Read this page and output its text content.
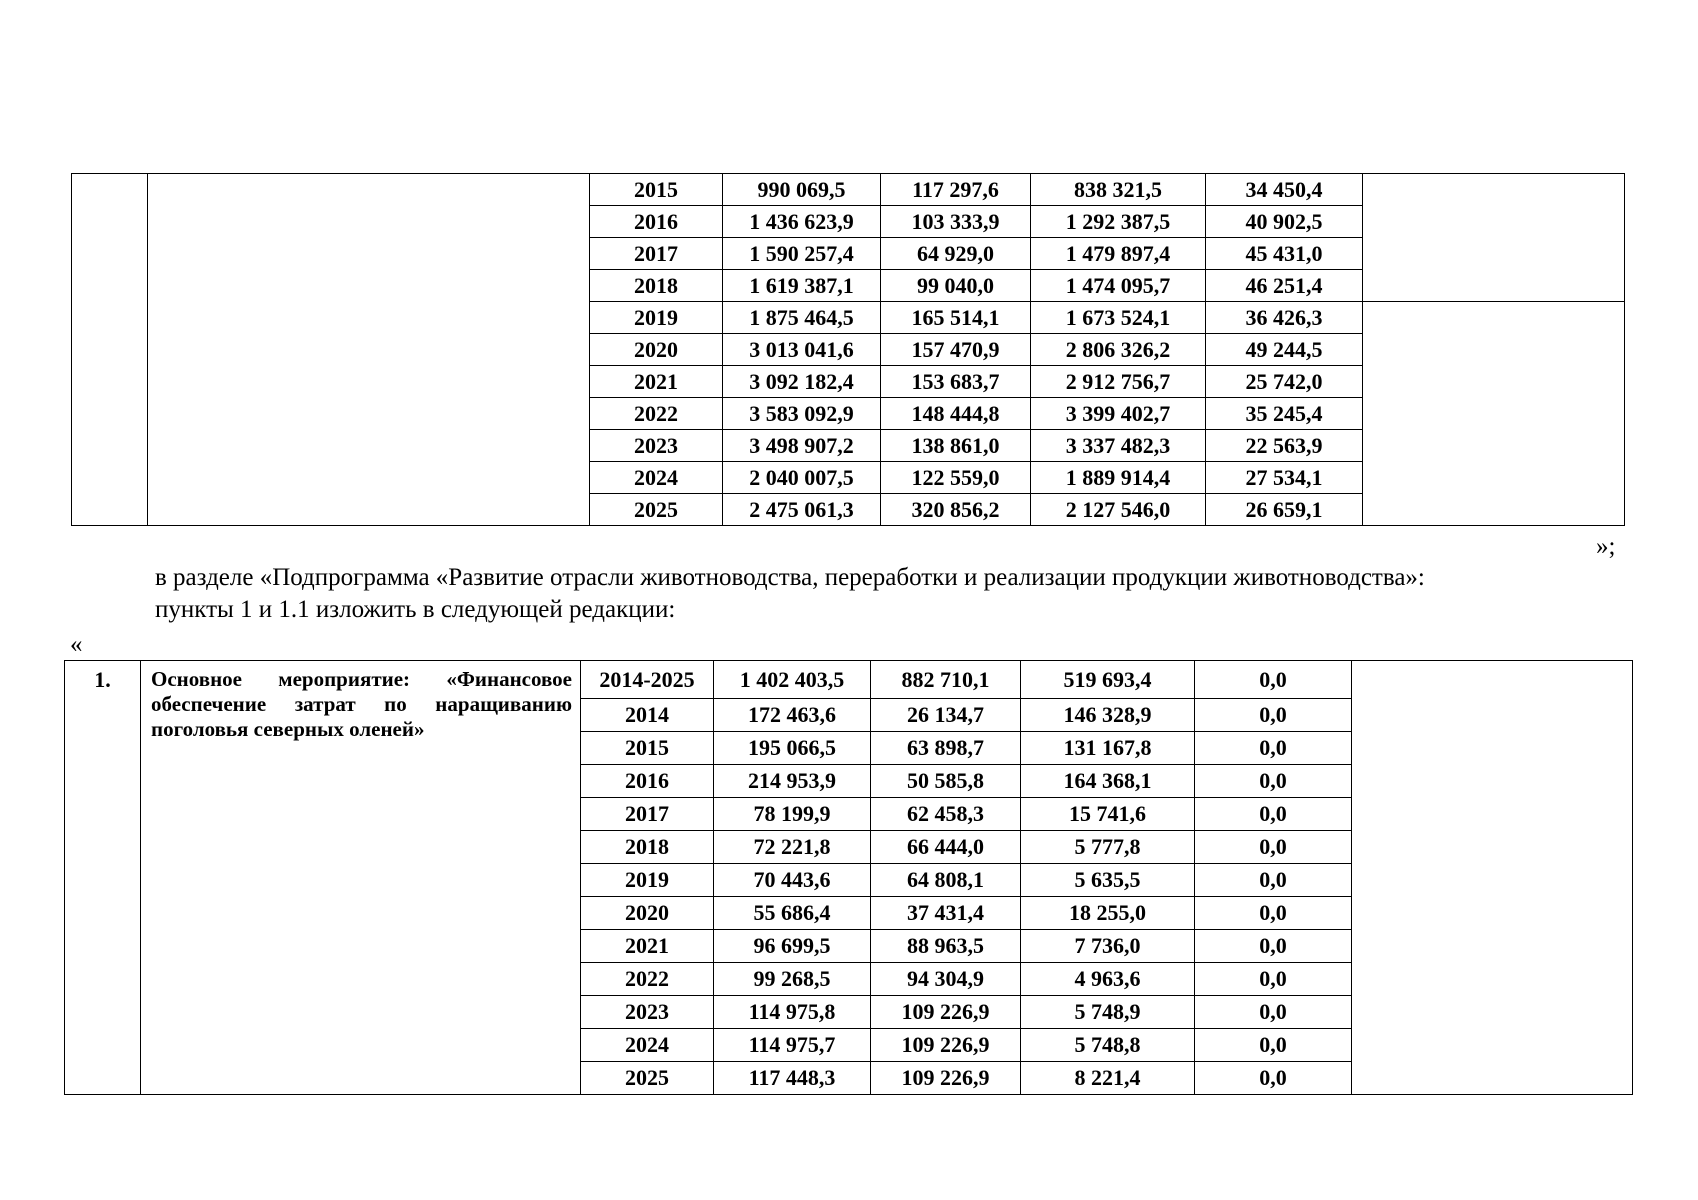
		2015	990 069,5	117 297,6	838 321,5	34 450,4	
		2016	1 436 623,9	103 333,9	1 292 387,5	40 902,5	
		2017	1 590 257,4	64 929,0	1 479 897,4	45 431,0	
		2018	1 619 387,1	99 040,0	1 474 095,7	46 251,4	
		2019	1 875 464,5	165 514,1	1 673 524,1	36 426,3	
		2020	3 013 041,6	157 470,9	2 806 326,2	49 244,5	
		2021	3 092 182,4	153 683,7	2 912 756,7	25 742,0	
		2022	3 583 092,9	148 444,8	3 399 402,7	35 245,4	
		2023	3 498 907,2	138 861,0	3 337 482,3	22 563,9	
		2024	2 040 007,5	122 559,0	1 889 914,4	27 534,1	
		2025	2 475 061,3	320 856,2	2 127 546,0	26 659,1	
»;
в разделе «Подпрограмма «Развитие отрасли животноводства, переработки и реализации продукции животноводства»:
пункты 1 и 1.1 изложить в следующей редакции:
«
1.	Основное мероприятие: «Финансовое обеспечение затрат по наращиванию поголовья северных оленей»	2014-2025	1 402 403,5	882 710,1	519 693,4	0,0	
		2014	172 463,6	26 134,7	146 328,9	0,0	
		2015	195 066,5	63 898,7	131 167,8	0,0	
		2016	214 953,9	50 585,8	164 368,1	0,0	
		2017	78 199,9	62 458,3	15 741,6	0,0	
		2018	72 221,8	66 444,0	5 777,8	0,0	
		2019	70 443,6	64 808,1	5 635,5	0,0	
		2020	55 686,4	37 431,4	18 255,0	0,0	
		2021	96 699,5	88 963,5	7 736,0	0,0	
		2022	99 268,5	94 304,9	4 963,6	0,0	
		2023	114 975,8	109 226,9	5 748,9	0,0	
		2024	114 975,7	109 226,9	5 748,8	0,0	
		2025	117 448,3	109 226,9	8 221,4	0,0	
